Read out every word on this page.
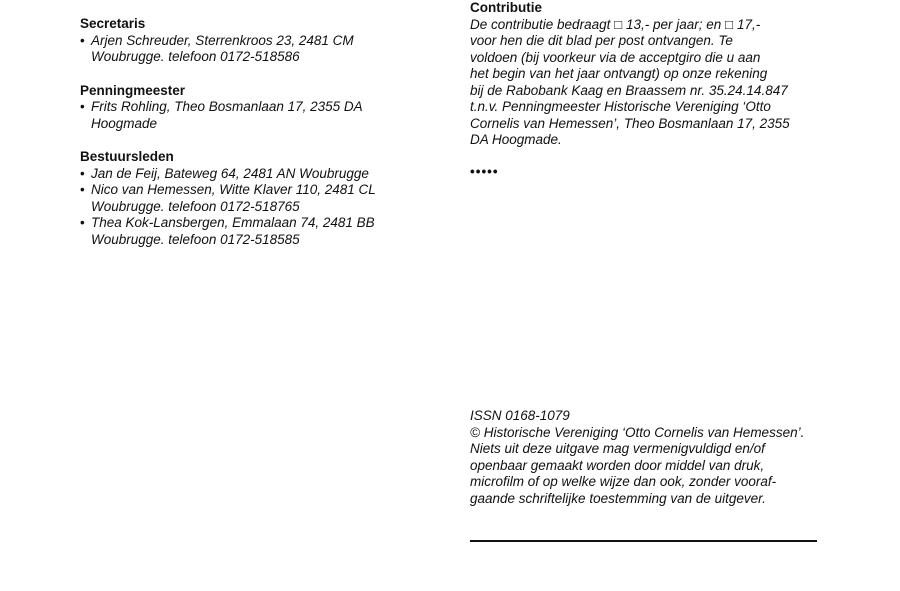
Secretaris

• Arjen Schreuder, Sterrenkroos 23, 2481 CM
Woubrugge. telefoon 0172-518586

Penningmeester

• Frits Rohling, Theo Bosmanlaan 17, 2355 DA
Hoogmade

Bestuursleden

• Jan de Feij, Bateweg 64, 2481 AN Woubrugge
• Nico van Hemessen, Witte Klaver 110, 2481 CL
Woubrugge. telefoon 0172-518765
• Thea Kok-Lansbergen, Emmalaan 74, 2481 BB
Woubrugge. telefoon 0172-518585

Contributie

De contributie bedraagt □ 13,- per jaar; en □ 17,-
voor hen die dit blad per post ontvangen. Te
voldoen (bij voorkeur via de acceptgiro die u aan
het begin van het jaar ontvangt) op onze rekening
bij de Rabobank Kaag en Braassem nr. 35.24.14.847
t.n.v. Penningmeester Historische Vereniging ‘Otto
Cornelis van Hemessen’, Theo Bosmanlaan 17, 2355
DA Hoogmade.

•••••

ISSN 0168-1079
© Historische Vereniging ‘Otto Cornelis van Hemessen’.
Niets uit deze uitgave mag vermenigvuldigd en/of
openbaar gemaakt worden door middel van druk,
microfilm of op welke wijze dan ook, zonder vooraf-
gaande schriftelijke toestemming van de uitgever.
